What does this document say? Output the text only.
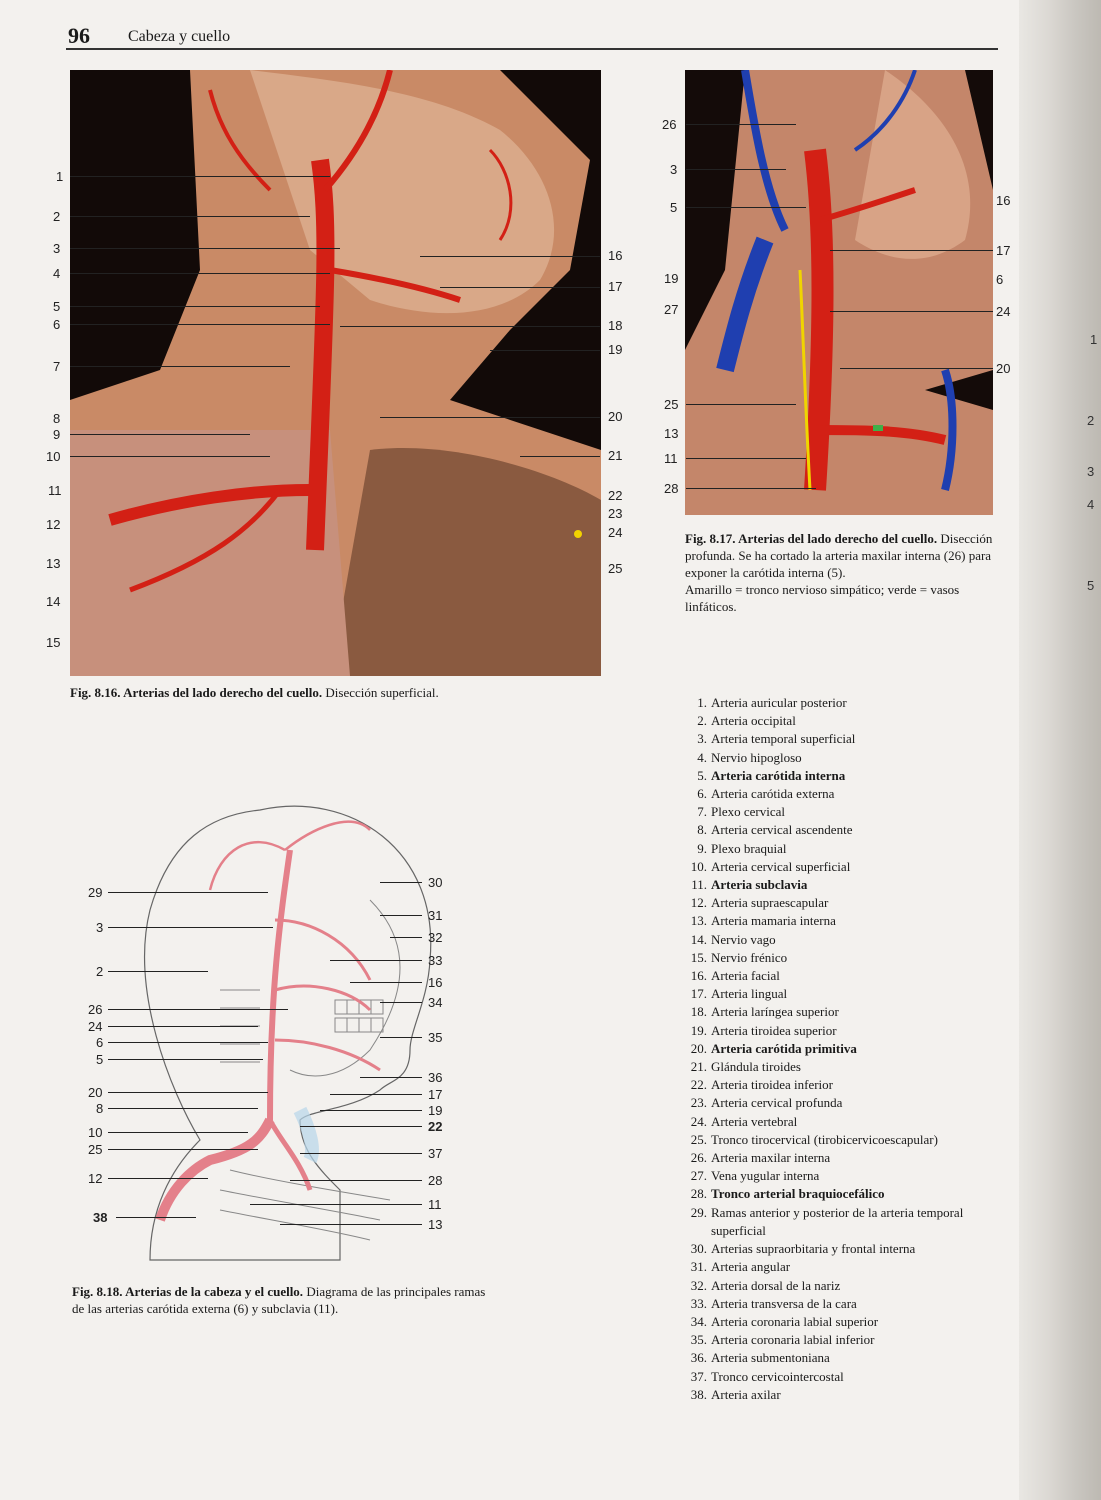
96 Cabeza y cuello
1
2
3
4
5
6
7
8
9
10
11
12
13
14
15
16
17
18
19
20
21
22
23
24
25
Fig. 8.16. Arterias del lado derecho del cuello. Disección superficial.
26
3
5
19
27
25
13
11
28
16
17
6
24
20
Fig. 8.17. Arterias del lado derecho del cuello. Disección profunda. Se ha cortado la arteria maxilar interna (26) para exponer la carótida interna (5).
Amarillo = tronco nervioso simpático; verde = vasos linfáticos.
29
3
2
26
24
6
5
20
8
10
25
12
38
30
31
32
33
16
34
35
36
17
19
22
37
28
11
13
Fig. 8.18. Arterias de la cabeza y el cuello. Diagrama de las principales ramas de las arterias carótida externa (6) y subclavia (11).
1. Arteria auricular posterior
2. Arteria occipital
3. Arteria temporal superficial
4. Nervio hipogloso
5. Arteria carótida interna
6. Arteria carótida externa
7. Plexo cervical
8. Arteria cervical ascendente
9. Plexo braquial
10. Arteria cervical superficial
11. Arteria subclavia
12. Arteria supraescapular
13. Arteria mamaria interna
14. Nervio vago
15. Nervio frénico
16. Arteria facial
17. Arteria lingual
18. Arteria laríngea superior
19. Arteria tiroidea superior
20. Arteria carótida primitiva
21. Glándula tiroides
22. Arteria tiroidea inferior
23. Arteria cervical profunda
24. Arteria vertebral
25. Tronco tirocervical (tirobicervicoescapular)
26. Arteria maxilar interna
27. Vena yugular interna
28. Tronco arterial braquiocefálico
29. Ramas anterior y posterior de la arteria temporal superficial
30. Arterias supraorbitaria y frontal interna
31. Arteria angular
32. Arteria dorsal de la nariz
33. Arteria transversa de la cara
34. Arteria coronaria labial superior
35. Arteria coronaria labial inferior
36. Arteria submentoniana
37. Tronco cervicointercostal
38. Arteria axilar
1
2
3
4
5
